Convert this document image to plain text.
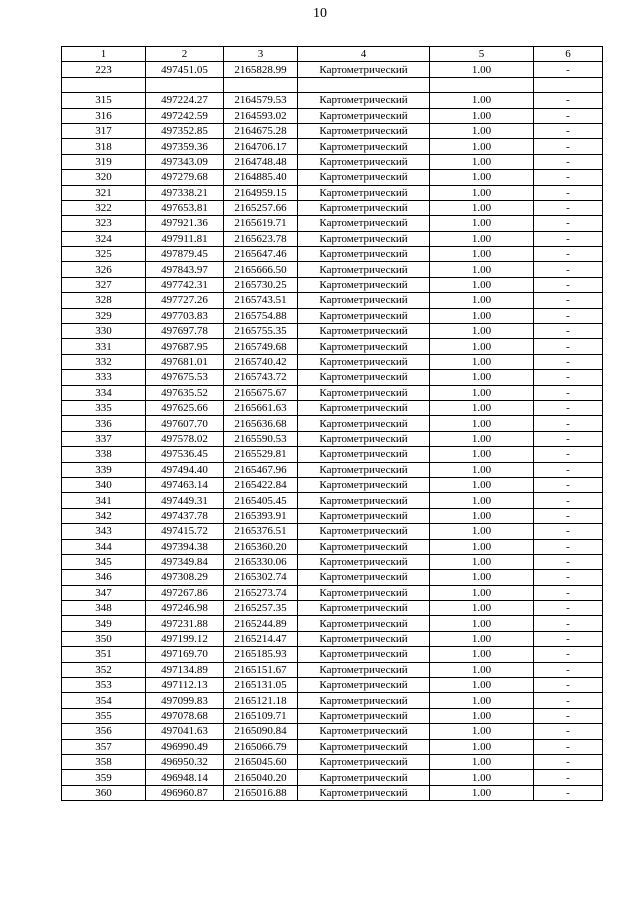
10
1	2	3	4	5	6
223	497451.05	2165828.99	Картометрический	1.00	-

315	497224.27	2164579.53	Картометрический	1.00	-
316	497242.59	2164593.02	Картометрический	1.00	-
317	497352.85	2164675.28	Картометрический	1.00	-
318	497359.36	2164706.17	Картометрический	1.00	-
319	497343.09	2164748.48	Картометрический	1.00	-
320	497279.68	2164885.40	Картометрический	1.00	-
321	497338.21	2164959.15	Картометрический	1.00	-
322	497653.81	2165257.66	Картометрический	1.00	-
323	497921.36	2165619.71	Картометрический	1.00	-
324	497911.81	2165623.78	Картометрический	1.00	-
325	497879.45	2165647.46	Картометрический	1.00	-
326	497843.97	2165666.50	Картометрический	1.00	-
327	497742.31	2165730.25	Картометрический	1.00	-
328	497727.26	2165743.51	Картометрический	1.00	-
329	497703.83	2165754.88	Картометрический	1.00	-
330	497697.78	2165755.35	Картометрический	1.00	-
331	497687.95	2165749.68	Картометрический	1.00	-
332	497681.01	2165740.42	Картометрический	1.00	-
333	497675.53	2165743.72	Картометрический	1.00	-
334	497635.52	2165675.67	Картометрический	1.00	-
335	497625.66	2165661.63	Картометрический	1.00	-
336	497607.70	2165636.68	Картометрический	1.00	-
337	497578.02	2165590.53	Картометрический	1.00	-
338	497536.45	2165529.81	Картометрический	1.00	-
339	497494.40	2165467.96	Картометрический	1.00	-
340	497463.14	2165422.84	Картометрический	1.00	-
341	497449.31	2165405.45	Картометрический	1.00	-
342	497437.78	2165393.91	Картометрический	1.00	-
343	497415.72	2165376.51	Картометрический	1.00	-
344	497394.38	2165360.20	Картометрический	1.00	-
345	497349.84	2165330.06	Картометрический	1.00	-
346	497308.29	2165302.74	Картометрический	1.00	-
347	497267.86	2165273.74	Картометрический	1.00	-
348	497246.98	2165257.35	Картометрический	1.00	-
349	497231.88	2165244.89	Картометрический	1.00	-
350	497199.12	2165214.47	Картометрический	1.00	-
351	497169.70	2165185.93	Картометрический	1.00	-
352	497134.89	2165151.67	Картометрический	1.00	-
353	497112.13	2165131.05	Картометрический	1.00	-
354	497099.83	2165121.18	Картометрический	1.00	-
355	497078.68	2165109.71	Картометрический	1.00	-
356	497041.63	2165090.84	Картометрический	1.00	-
357	496990.49	2165066.79	Картометрический	1.00	-
358	496950.32	2165045.60	Картометрический	1.00	-
359	496948.14	2165040.20	Картометрический	1.00	-
360	496960.87	2165016.88	Картометрический	1.00	-
